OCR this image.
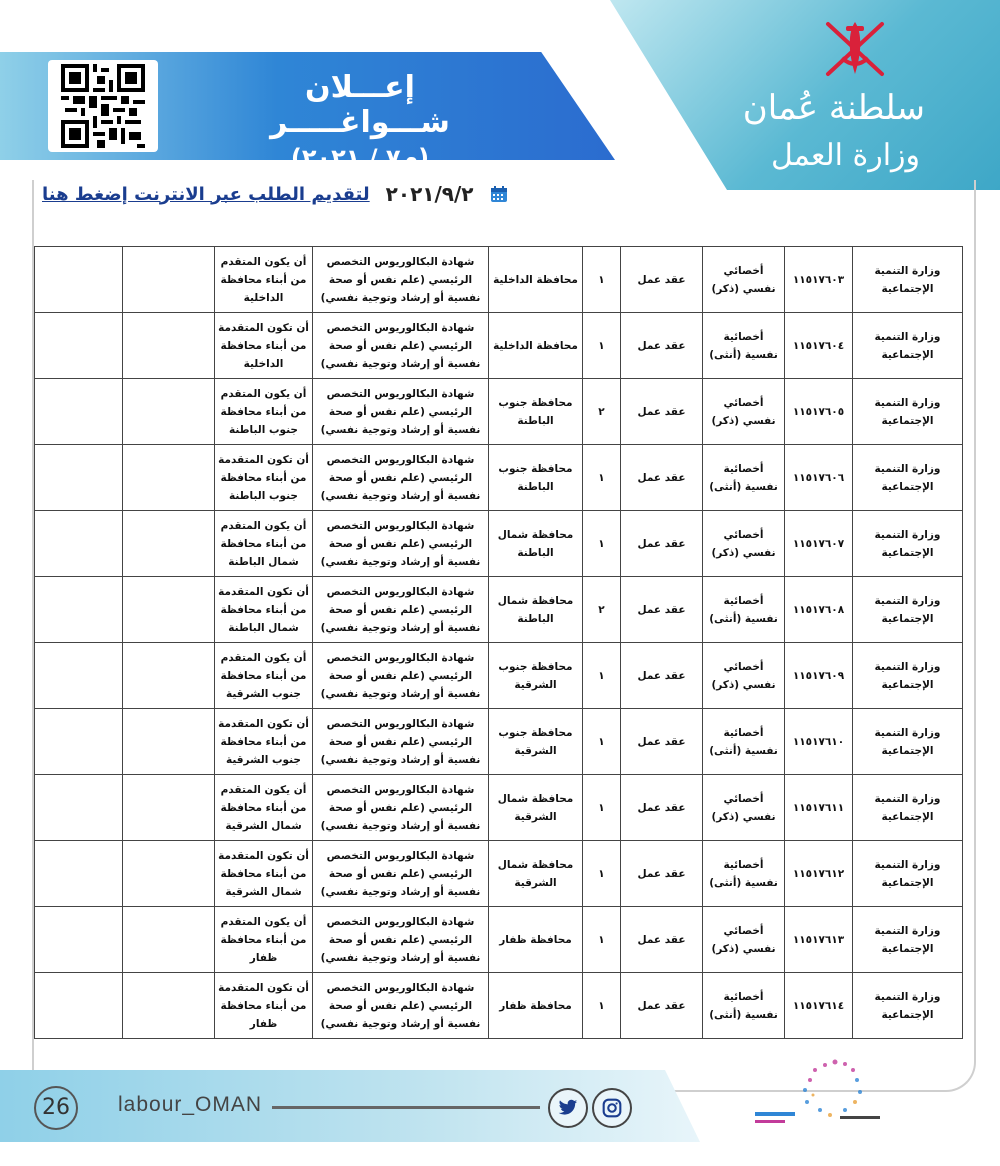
إعـــلان شـــواغـــــر
(م٧ / ٢٠٢١)
سلطنة عُمان
وزارة العمل
لتقديم الطلب عبر الانترنت إضغط هنا ٢٠٢١/٩/٢
وزارة التنمية الإجتماعية	١١٥١٧٦٠٣	أخصائي نفسي (ذكر)	عقد عمل	١	محافظة الداخلية	شهادة البكالوريوس التخصص الرئيسي (علم نفس أو صحة نفسية أو إرشاد وتوجية نفسي)	أن يكون المتقدم من أبناء محافظة الداخلية		
وزارة التنمية الإجتماعية	١١٥١٧٦٠٤	أخصائية نفسية (أنثى)	عقد عمل	١	محافظة الداخلية	شهادة البكالوريوس التخصص الرئيسي (علم نفس أو صحة نفسية أو إرشاد وتوجية نفسي)	أن تكون المتقدمة من أبناء محافظة الداخلية		
وزارة التنمية الإجتماعية	١١٥١٧٦٠٥	أخصائي نفسي (ذكر)	عقد عمل	٢	محافظة جنوب الباطنة	شهادة البكالوريوس التخصص الرئيسي (علم نفس أو صحة نفسية أو إرشاد وتوجية نفسي)	أن يكون المتقدم من أبناء محافظة جنوب الباطنة		
وزارة التنمية الإجتماعية	١١٥١٧٦٠٦	أخصائية نفسية (أنثى)	عقد عمل	١	محافظة جنوب الباطنة	شهادة البكالوريوس التخصص الرئيسي (علم نفس أو صحة نفسية أو إرشاد وتوجية نفسي)	أن تكون المتقدمة من أبناء محافظة جنوب الباطنة		
وزارة التنمية الإجتماعية	١١٥١٧٦٠٧	أخصائي نفسي (ذكر)	عقد عمل	١	محافظة شمال الباطنة	شهادة البكالوريوس التخصص الرئيسي (علم نفس أو صحة نفسية أو إرشاد وتوجية نفسي)	أن يكون المتقدم من أبناء محافظة شمال الباطنة		
وزارة التنمية الإجتماعية	١١٥١٧٦٠٨	أخصائية نفسية (أنثى)	عقد عمل	٢	محافظة شمال الباطنة	شهادة البكالوريوس التخصص الرئيسي (علم نفس أو صحة نفسية أو إرشاد وتوجية نفسي)	أن تكون المتقدمة من أبناء محافظة شمال الباطنة		
وزارة التنمية الإجتماعية	١١٥١٧٦٠٩	أخصائي نفسي (ذكر)	عقد عمل	١	محافظة جنوب الشرقية	شهادة البكالوريوس التخصص الرئيسي (علم نفس أو صحة نفسية أو إرشاد وتوجية نفسي)	أن يكون المتقدم من أبناء محافظة جنوب الشرقية		
وزارة التنمية الإجتماعية	١١٥١٧٦١٠	أخصائية نفسية (أنثى)	عقد عمل	١	محافظة جنوب الشرقية	شهادة البكالوريوس التخصص الرئيسي (علم نفس أو صحة نفسية أو إرشاد وتوجية نفسي)	أن تكون المتقدمة من أبناء محافظة جنوب الشرقية		
وزارة التنمية الإجتماعية	١١٥١٧٦١١	أخصائي نفسي (ذكر)	عقد عمل	١	محافظة شمال الشرقية	شهادة البكالوريوس التخصص الرئيسي (علم نفس أو صحة نفسية أو إرشاد وتوجية نفسي)	أن يكون المتقدم من أبناء محافظة شمال الشرقية		
وزارة التنمية الإجتماعية	١١٥١٧٦١٢	أخصائية نفسية (أنثى)	عقد عمل	١	محافظة شمال الشرقية	شهادة البكالوريوس التخصص الرئيسي (علم نفس أو صحة نفسية أو إرشاد وتوجية نفسي)	أن تكون المتقدمة من أبناء محافظة شمال الشرقية		
وزارة التنمية الإجتماعية	١١٥١٧٦١٣	أخصائي نفسي (ذكر)	عقد عمل	١	محافظة ظفار	شهادة البكالوريوس التخصص الرئيسي (علم نفس أو صحة نفسية أو إرشاد وتوجية نفسي)	أن يكون المتقدم من أبناء محافظة ظفار		
وزارة التنمية الإجتماعية	١١٥١٧٦١٤	أخصائية نفسية (أنثى)	عقد عمل	١	محافظة ظفار	شهادة البكالوريوس التخصص الرئيسي (علم نفس أو صحة نفسية أو إرشاد وتوجية نفسي)	أن تكون المتقدمة من أبناء محافظة ظفار		
26	labour_OMAN
